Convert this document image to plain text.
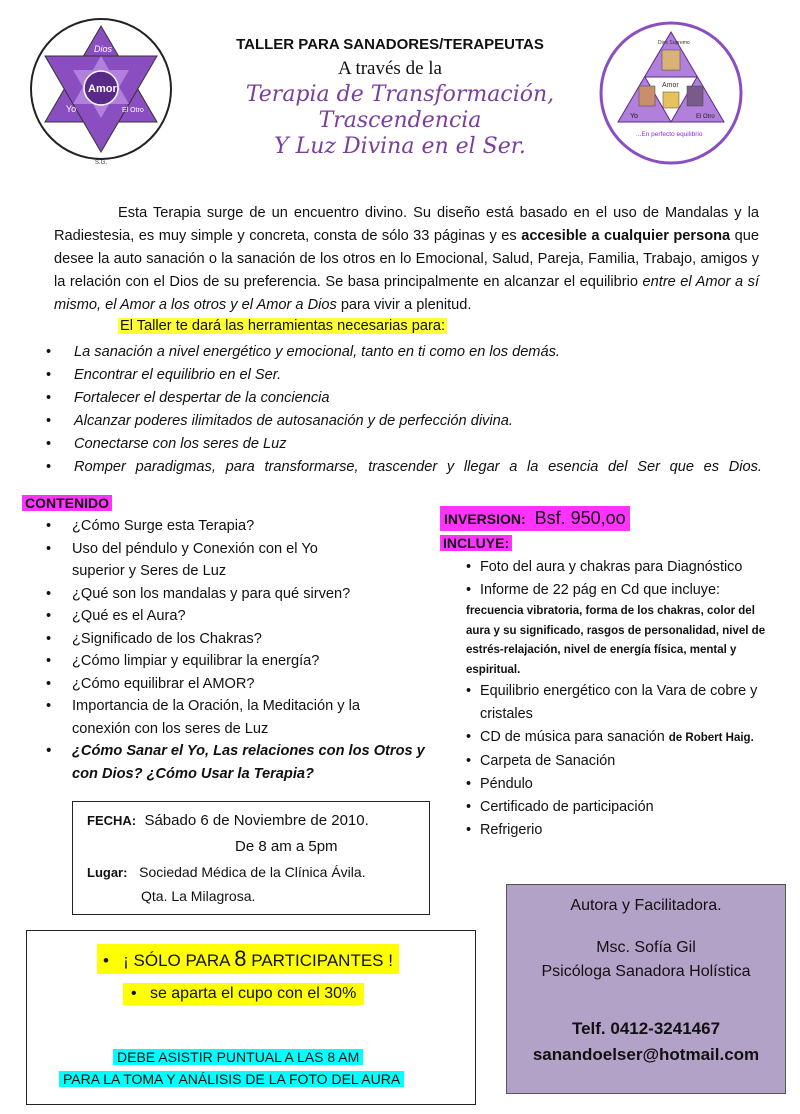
Dios
Amor
Yo	El Otro
S.G.
Dios Supremo
Amor
Yo	El Otro
...En perfecto equilibrio
TALLER PARA SANADORES/TERAPEUTAS
A través de la
Terapia de Transformación,
Trascendencia
Y Luz Divina en el Ser.
Esta Terapia surge de un encuentro divino. Su diseño está basado en el uso de Mandalas y la Radiestesia, es muy simple y concreta, consta de sólo 33 páginas y es accesible a cualquier persona que desee la auto sanación o la sanación de los otros en lo Emocional, Salud, Pareja, Familia, Trabajo, amigos y la relación con el Dios de su preferencia. Se basa principalmente en alcanzar el equilibrio entre el Amor a sí mismo, el Amor a los otros y el Amor a Dios para vivir a plenitud.
El Taller te dará las herramientas necesarias para:
• La sanación a nivel energético y emocional, tanto en ti como en los demás.
• Encontrar el equilibrio en el Ser.
• Fortalecer el despertar de la conciencia
• Alcanzar poderes ilimitados de autosanación y de perfección divina.
• Conectarse con los seres de Luz
• Romper paradigmas, para transformarse, trascender y llegar a la esencia del Ser que es Dios.
CONTENIDO
• ¿Cómo Surge esta Terapia?
• Uso del péndulo y Conexión con el Yo superior y Seres de Luz
• ¿Qué son los mandalas y para qué sirven?
• ¿Qué es el Aura?
• ¿Significado de los Chakras?
• ¿Cómo limpiar y equilibrar la energía?
• ¿Cómo equilibrar el AMOR?
• Importancia de la Oración, la Meditación y la conexión con los seres de Luz
• ¿Cómo Sanar el Yo, Las relaciones con los Otros y con Dios? ¿Cómo Usar la Terapia?
INVERSION: Bsf. 950,oo
INCLUYE:
• Foto del aura y chakras para Diagnóstico
• Informe de 22 pág en Cd que incluye:
frecuencia vibratoria, forma de los chakras, color del aura y su significado, rasgos de personalidad, nivel de estrés-relajación, nivel de energía física, mental y espiritual.
• Equilibrio energético con la Vara de cobre y cristales
• CD de música para sanación de Robert Haig.
• Carpeta de Sanación
• Péndulo
• Certificado de participación
• Refrigerio
FECHA: Sábado 6 de Noviembre de 2010.
De 8 am a 5pm
Lugar: Sociedad Médica de la Clínica Ávila.
Qta. La Milagrosa.
•   ¡ SÓLO PARA 8 PARTICIPANTES !
•   se aparta el cupo con el 30%
DEBE ASISTIR PUNTUAL A LAS 8 AM
PARA LA TOMA Y ANÁLISIS DE LA FOTO DEL AURA
Autora y Facilitadora.
Msc. Sofía Gil
Psicóloga Sanadora Holística
Telf. 0412-3241467
sanandoelser@hotmail.com
